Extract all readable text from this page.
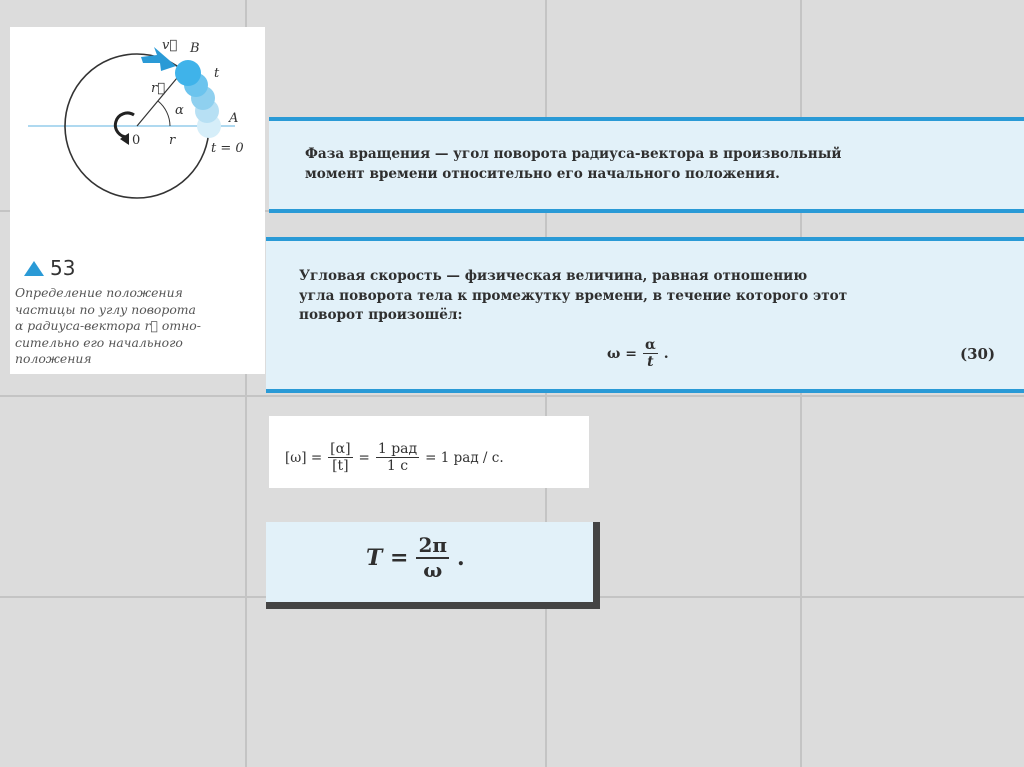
v⃗ B
t
r⃗
α
A
0 r
t = 0
53
Определение положения
частицы по углу поворота
α радиуса-вектора r⃗ отно-
сительно его начального
положения
Фаза вращения — угол поворота радиуса-вектора в произвольный
момент времени относительно его начального положения.
Угловая скорость — физическая величина, равная отношению
угла поворота тела к промежутку времени, в течение которого этот
поворот произошёл:
$\omega = \frac{\alpha}{t}$ .	(30)
$[\omega] = \frac{[\alpha]}{[t]} = \frac{\text{1 рад}}{1 с} = 1$ рад / с.
$T = \frac{2\pi}{\omega}$ .
